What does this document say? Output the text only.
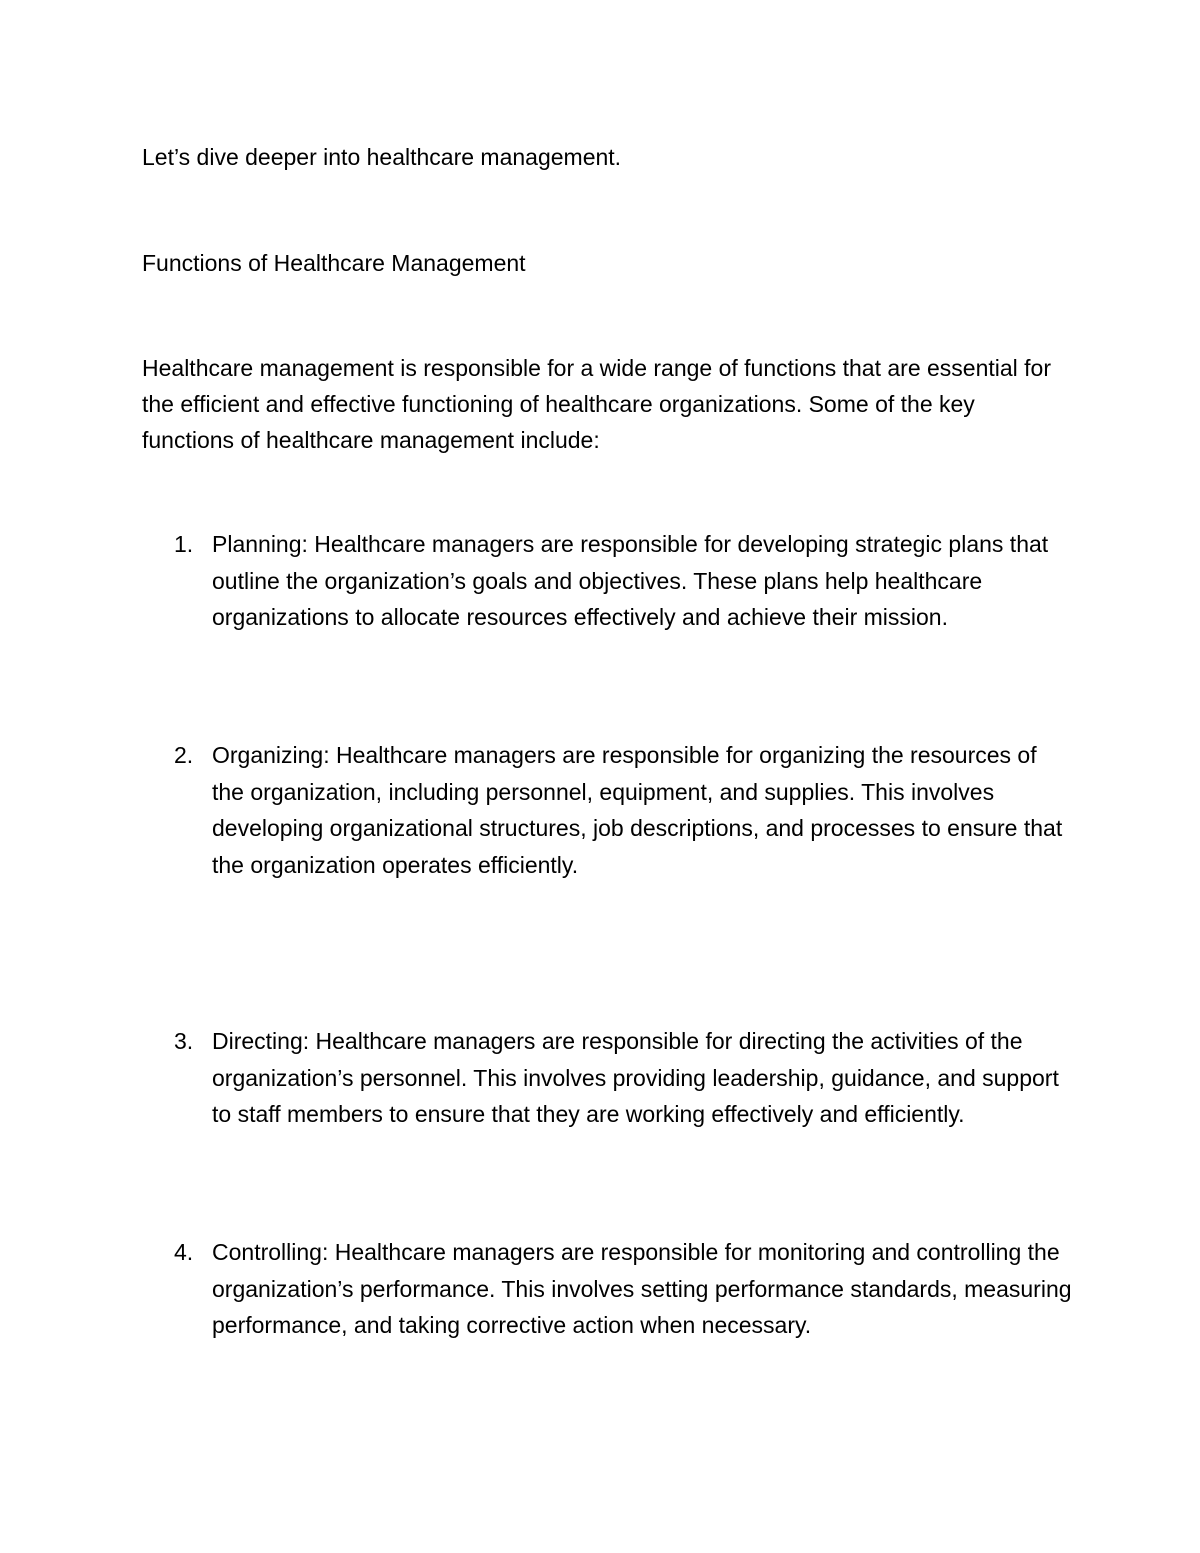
Let’s dive deeper into healthcare management.

Functions of Healthcare Management

Healthcare management is responsible for a wide range of functions that are essential for the efficient and effective functioning of healthcare organizations. Some of the key functions of healthcare management include:

1. Planning: Healthcare managers are responsible for developing strategic plans that outline the organization’s goals and objectives. These plans help healthcare organizations to allocate resources effectively and achieve their mission.
2. Organizing: Healthcare managers are responsible for organizing the resources of the organization, including personnel, equipment, and supplies. This involves developing organizational structures, job descriptions, and processes to ensure that the organization operates efficiently.
3. Directing: Healthcare managers are responsible for directing the activities of the organization’s personnel. This involves providing leadership, guidance, and support to staff members to ensure that they are working effectively and efficiently.
4. Controlling: Healthcare managers are responsible for monitoring and controlling the organization’s performance. This involves setting performance standards, measuring performance, and taking corrective action when necessary.
